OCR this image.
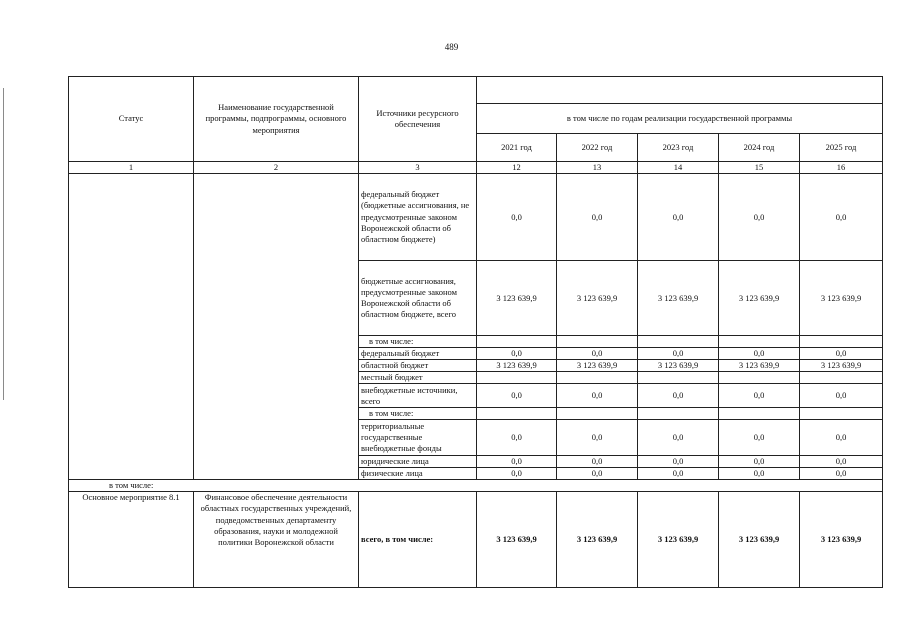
489
Статус	Наименование государственной программы, подпрограммы, основного мероприятия	Источники ресурсного обеспечения					
			в том числе по годам реализации государственной программы				
			2021 год	2022 год	2023 год	2024 год	2025 год
1	2	3	12	13	14	15	16
		федеральный бюджет (бюджетные ассигнования, не предусмотренные законом Воронежской области об областном бюджете)	0,0	0,0	0,0	0,0	0,0
		бюджетные ассигнования, предусмотренные законом Воронежской области об областном бюджете, всего	3 123 639,9	3 123 639,9	3 123 639,9	3 123 639,9	3 123 639,9
		в том числе:					
		федеральный бюджет	0,0	0,0	0,0	0,0	0,0
		областной бюджет	3 123 639,9	3 123 639,9	3 123 639,9	3 123 639,9	3 123 639,9
		местный бюджет					
		внебюджетные источники, всего	0,0	0,0	0,0	0,0	0,0
		в том числе:					
		территориальные государственные внебюджетные фонды	0,0	0,0	0,0	0,0	0,0
		юридические лица	0,0	0,0	0,0	0,0	0,0
		физические лица	0,0	0,0	0,0	0,0	0,0
в том числе:							
Основное мероприятие 8.1	Финансовое обеспечение деятельности областных государственных учреждений, подведомственных департаменту образования, науки и молодежной политики Воронежской области	всего, в том числе:	3 123 639,9	3 123 639,9	3 123 639,9	3 123 639,9	3 123 639,9
